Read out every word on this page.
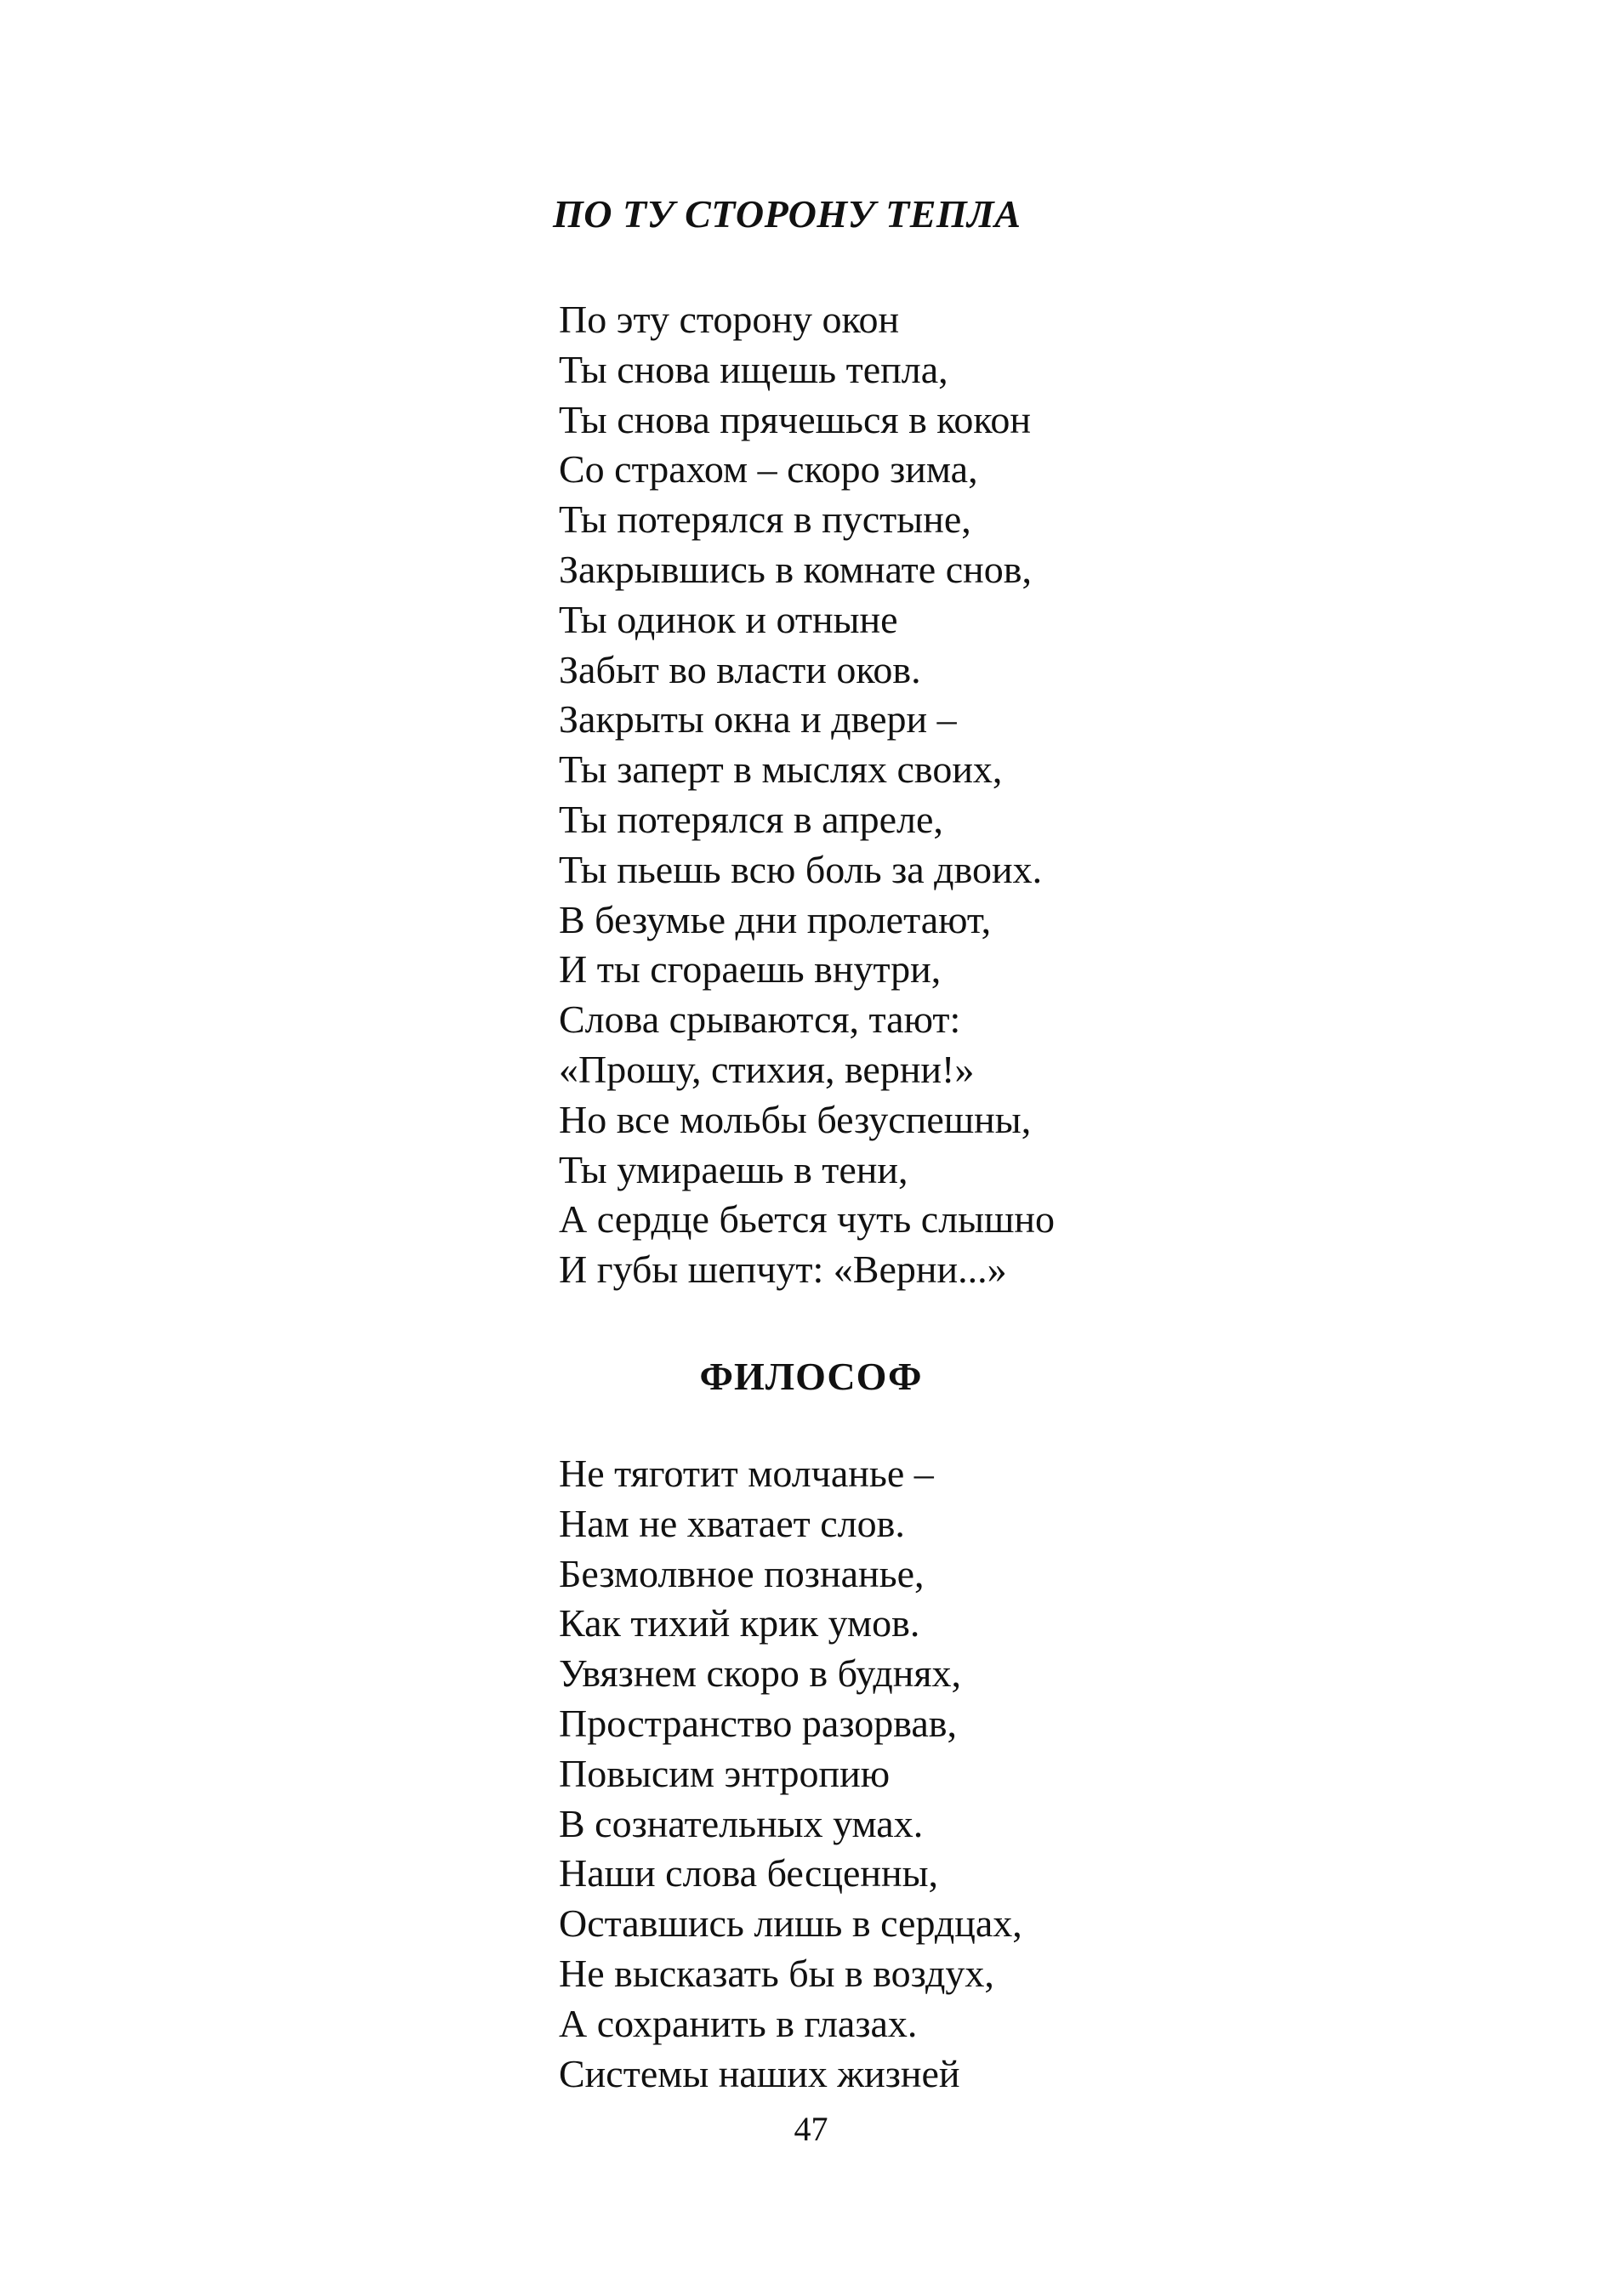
ПО ТУ СТОРОНУ ТЕПЛА
По эту сторону окон
Ты снова ищешь тепла,
Ты снова прячешься в кокон
Со страхом – скоро зима,
Ты потерялся в пустыне,
Закрывшись в комнате снов,
Ты одинок и отныне
Забыт во власти оков.
Закрыты окна и двери –
Ты заперт в мыслях своих,
Ты потерялся в апреле,
Ты пьешь всю боль за двоих.
В безумье дни пролетают,
И ты сгораешь внутри,
Слова срываются, тают:
«Прошу, стихия, верни!»
Но все мольбы безуспешны,
Ты умираешь в тени,
А сердце бьется чуть слышно
И губы шепчут: «Верни...»
ФИЛОСОФ
Не тяготит молчанье –
Нам не хватает слов.
Безмолвное познанье,
Как тихий крик умов.
Увязнем скоро в буднях,
Пространство разорвав,
Повысим энтропию
В сознательных умах.
Наши слова бесценны,
Оставшись лишь в сердцах,
Не высказать бы в воздух,
А сохранить в глазах.
Системы наших жизней
47
